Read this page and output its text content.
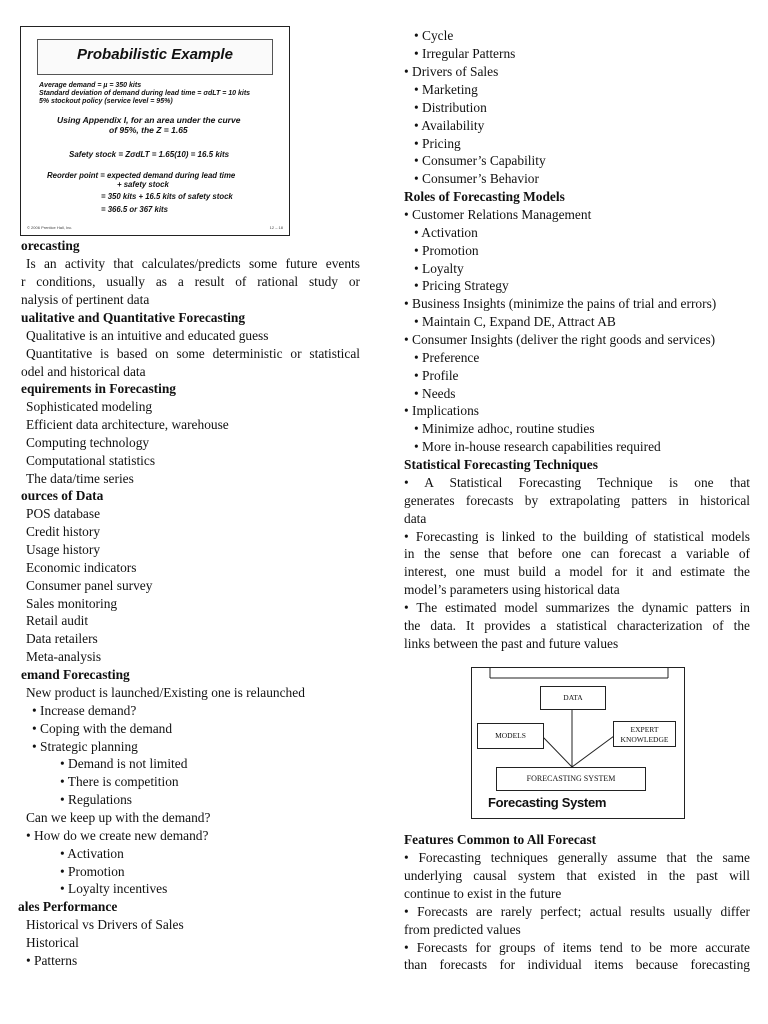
Probabilistic Example
Average demand = µ = 350 kits
Standard deviation of demand during lead time = σdLT = 10 kits
5% stockout policy (service level = 95%)
Using Appendix I, for an area under the curve
of 95%, the Z = 1.65
Safety stock = ZσdLT = 1.65(10) = 16.5 kits
Reorder point = expected demand during lead time
+ safety stock
= 350 kits + 16.5 kits of safety stock
= 366.5 or 367 kits
© 2006 Prentice Hall, Inc.	12 – 18
orecasting
Is an activity that calculates/predicts some future events
r conditions, usually as a result of rational study or
nalysis of pertinent data
ualitative and Quantitative Forecasting
Qualitative is an intuitive and educated guess
Quantitative is based on some deterministic or statistical
odel and historical data
equirements in Forecasting
Sophisticated modeling
Efficient data architecture, warehouse
Computing technology
Computational statistics
The data/time series
ources of Data
POS database
Credit history
Usage history
Economic indicators
Consumer panel survey
Sales monitoring
Retail audit
Data retailers
Meta-analysis
emand Forecasting
New product is launched/Existing one is relaunched
• Increase demand?
• Coping with the demand
• Strategic planning
• Demand is not limited
• There is competition
• Regulations
Can we keep up with the demand?
• How do we create new demand?
• Activation
• Promotion
• Loyalty incentives
ales Performance
Historical vs Drivers of Sales
Historical
• Patterns
• Cycle
• Irregular Patterns
• Drivers of Sales
• Marketing
• Distribution
• Availability
• Pricing
• Consumer’s Capability
• Consumer’s Behavior
Roles of Forecasting Models
• Customer Relations Management
• Activation
• Promotion
• Loyalty
• Pricing Strategy
• Business Insights (minimize the pains of trial and errors)
• Maintain C, Expand DE, Attract AB
• Consumer Insights (deliver the right goods and services)
• Preference
• Profile
• Needs
• Implications
• Minimize adhoc, routine studies
• More in-house research capabilities required
Statistical Forecasting Techniques
• A Statistical Forecasting Technique is one that
generates forecasts by extrapolating patters in historical
data
• Forecasting is linked to the building of statistical models
in the sense that before one can forecast a variable of
interest, one must build a model for it and estimate the
model’s parameters using historical data
• The estimated model summarizes the dynamic patters in
the data. It provides a statistical characterization of the
links between the past and future values
Features Common to All Forecast
• Forecasting techniques generally assume that the same
underlying causal system that existed in the past will
continue to exist in the future
• Forecasts are rarely perfect; actual results usually differ
from predicted values
• Forecasts for groups of items tend to be more accurate
than forecasts for individual items because forecasting
DATA
MODELS
EXPERT
KNOWLEDGE
FORECASTING SYSTEM
Forecasting System
